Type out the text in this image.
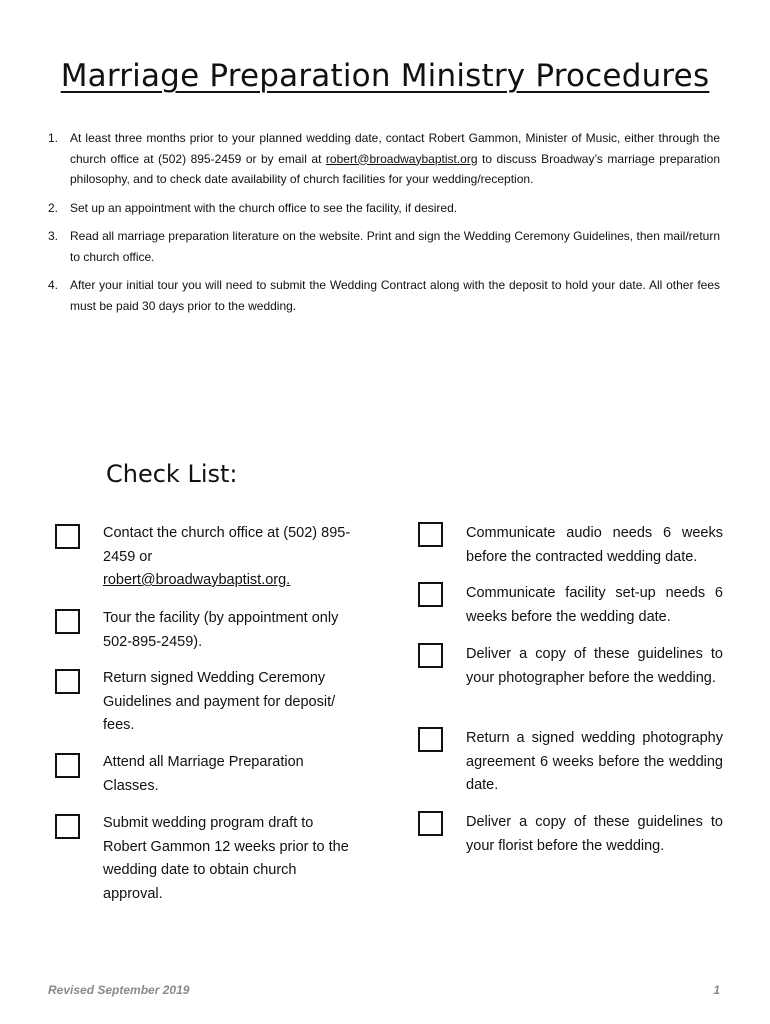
Marriage Preparation Ministry Procedures
1. At least three months prior to your planned wedding date, contact Robert Gammon, Minister of Music, either through the church office at (502) 895-2459 or by email at robert@broadwaybaptist.org to discuss Broadway’s marriage preparation philosophy, and to check date availability of church facilities for your wedding/reception.
2. Set up an appointment with the church office to see the facility, if desired.
3. Read all marriage preparation literature on the website. Print and sign the Wedding Ceremony Guidelines, then mail/return to church office.
4. After your initial tour you will need to submit the Wedding Contract along with the deposit to hold your date. All other fees must be paid 30 days prior to the wedding.
Check List:
Contact the church office at (502) 895-2459 or
robert@broadwaybaptist.org.
Tour the facility (by appointment only 502-895-2459).
Return signed Wedding Ceremony Guidelines and payment for deposit/ fees.
Attend all Marriage Preparation Classes.
Submit wedding program draft to Robert Gammon 12 weeks prior to the wedding date to obtain church approval.
Communicate audio needs 6 weeks before the contracted wedding date.
Communicate facility set-up needs 6 weeks before the wedding date.
Deliver a copy of these guidelines to your photographer before the wedding.
Return a signed wedding photography agreement 6 weeks before the wedding date.
Deliver a copy of these guidelines to your florist before the wedding.
Revised September 2019	1
